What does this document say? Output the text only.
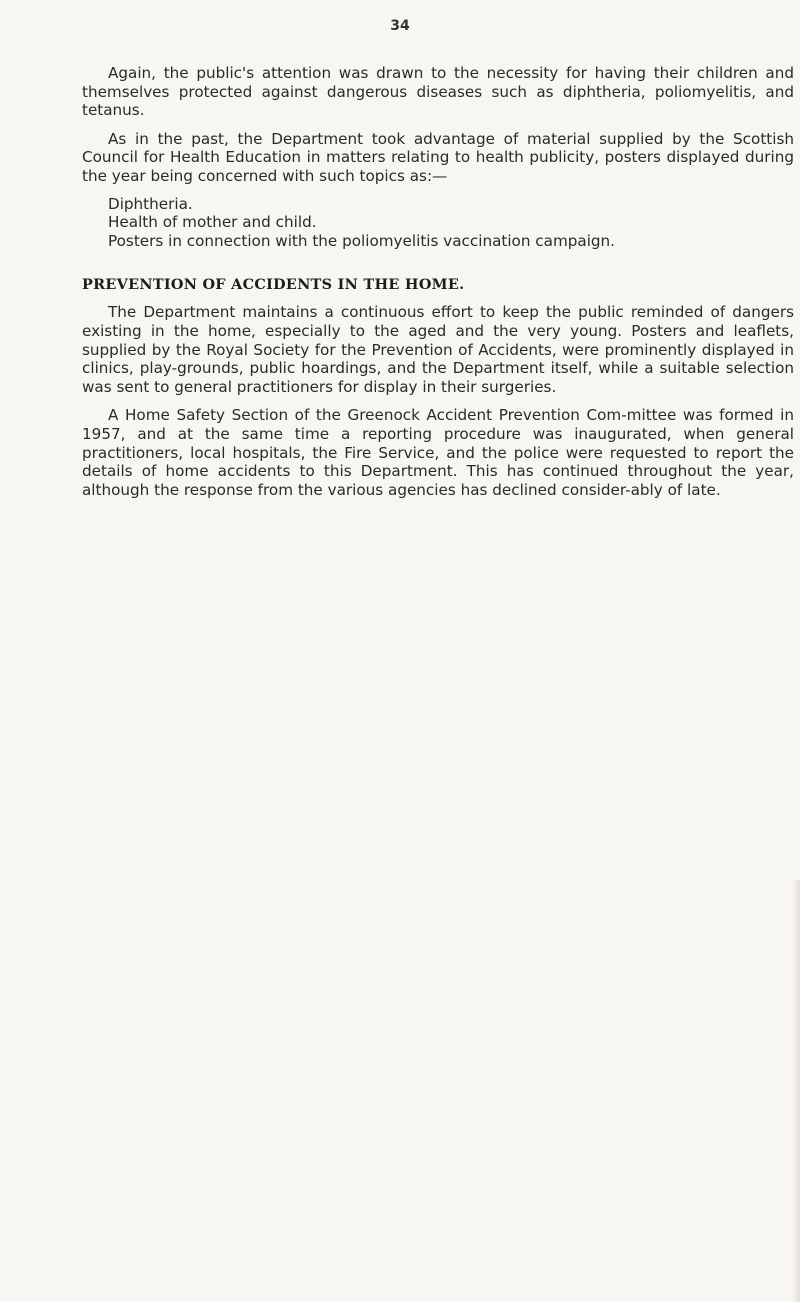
34

Again, the public's attention was drawn to the necessity for having their children and themselves protected against dangerous diseases such as diphtheria, poliomyelitis, and tetanus.

As in the past, the Department took advantage of material supplied by the Scottish Council for Health Education in matters relating to health publicity, posters displayed during the year being concerned with such topics as:—

Diphtheria.
Health of mother and child.
Posters in connection with the poliomyelitis vaccination campaign.
PREVENTION OF ACCIDENTS IN THE HOME.

The Department maintains a continuous effort to keep the public reminded of dangers existing in the home, especially to the aged and the very young. Posters and leaflets, supplied by the Royal Society for the Prevention of Accidents, were prominently displayed in clinics, play-grounds, public hoardings, and the Department itself, while a suitable selection was sent to general practitioners for display in their surgeries.

A Home Safety Section of the Greenock Accident Prevention Com-mittee was formed in 1957, and at the same time a reporting procedure was inaugurated, when general practitioners, local hospitals, the Fire Service, and the police were requested to report the details of home accidents to this Department. This has continued throughout the year, although the response from the various agencies has declined consider-ably of late.
